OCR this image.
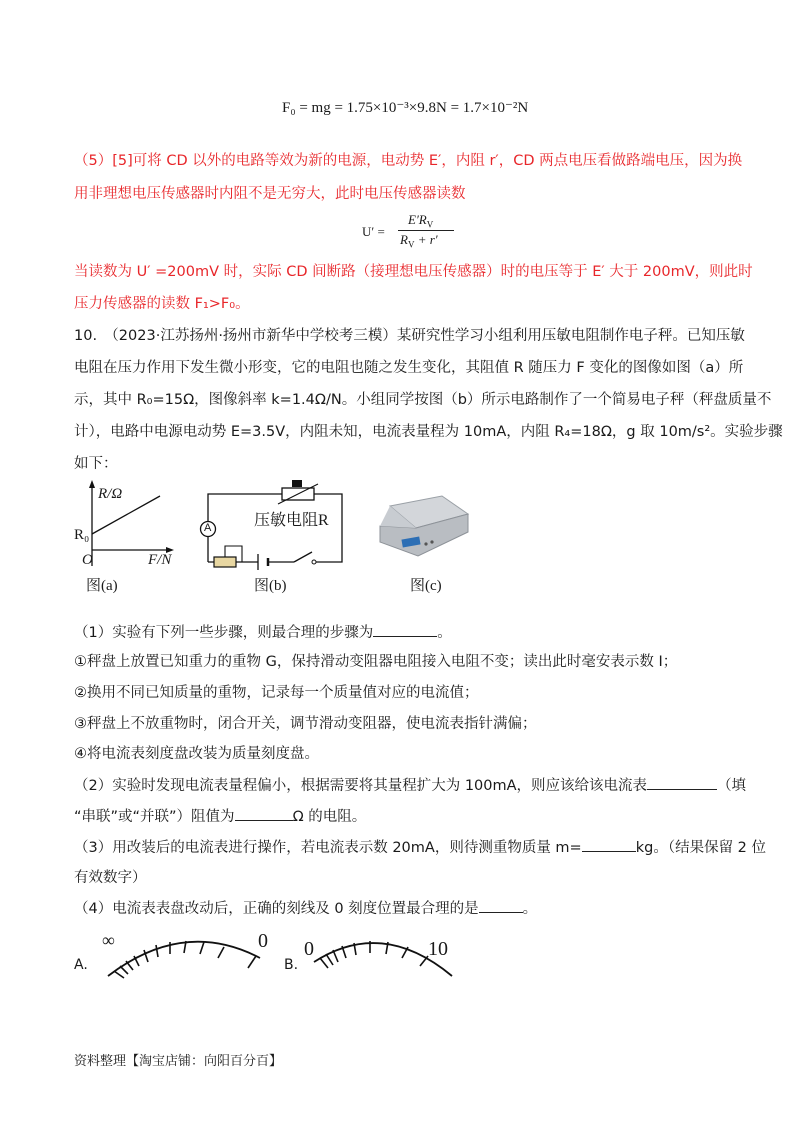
F₀ = mg = 1.75×10⁻³×9.8N = 1.7×10⁻²N
（5）[5]可将 CD 以外的电路等效为新的电源，电动势 E′，内阻 r′，CD 两点电压看做路端电压，因为换
用非理想电压传感器时内阻不是无穷大，此时电压传感器读数
U′ =
$E'R_V$
$R_V + r'$
当读数为 U′ =200mV 时，实际 CD 间断路（接理想电压传感器）时的电压等于 E′ 大于 200mV，则此时
压力传感器的读数 F₁>F₀。
10.　（2023·江苏扬州·扬州市新华中学校考三模）某研究性学习小组利用压敏电阻制作电子秤。已知压敏
电阻在压力作用下发生微小形变，它的电阻也随之发生变化，其阻值 R 随压力 F 变化的图像如图（a）所
示，其中 R₀=15Ω，图像斜率 k=1.4Ω/N。小组同学按图（b）所示电路制作了一个简易电子秤（秤盘质量不
计），电路中电源电动势 E=3.5V，内阻未知，电流表量程为 10mA，内阻 R₄=18Ω，g 取 10m/s²。实验步骤
如下：
R/Ω
R₀
O	F/N
图(a)
A	压敏电阻R
图(b)	图(c)
（1）实验有下列一些步骤，则最合理的步骤为	。
①秤盘上放置已知重力的重物 G，保持滑动变阻器电阻接入电阻不变；读出此时毫安表示数 I；
②换用不同已知质量的重物，记录每一个质量值对应的电流值；
③秤盘上不放重物时，闭合开关，调节滑动变阻器，使电流表指针满偏；
④将电流表刻度盘改装为质量刻度盘。
（2）实验时发现电流表量程偏小，根据需要将其量程扩大为 100mA，则应该给该电流表	（填
“串联”或“并联”）阻值为	Ω 的电阻。
（3）用改装后的电流表进行操作，若电流表示数 20mA，则待测重物质量 m=	kg。（结果保留 2 位
有效数字）
（4）电流表表盘改动后，正确的刻线及 0 刻度位置最合理的是	。
A.
∞	0
B.
0	10
资料整理【淘宝店铺：向阳百分百】
